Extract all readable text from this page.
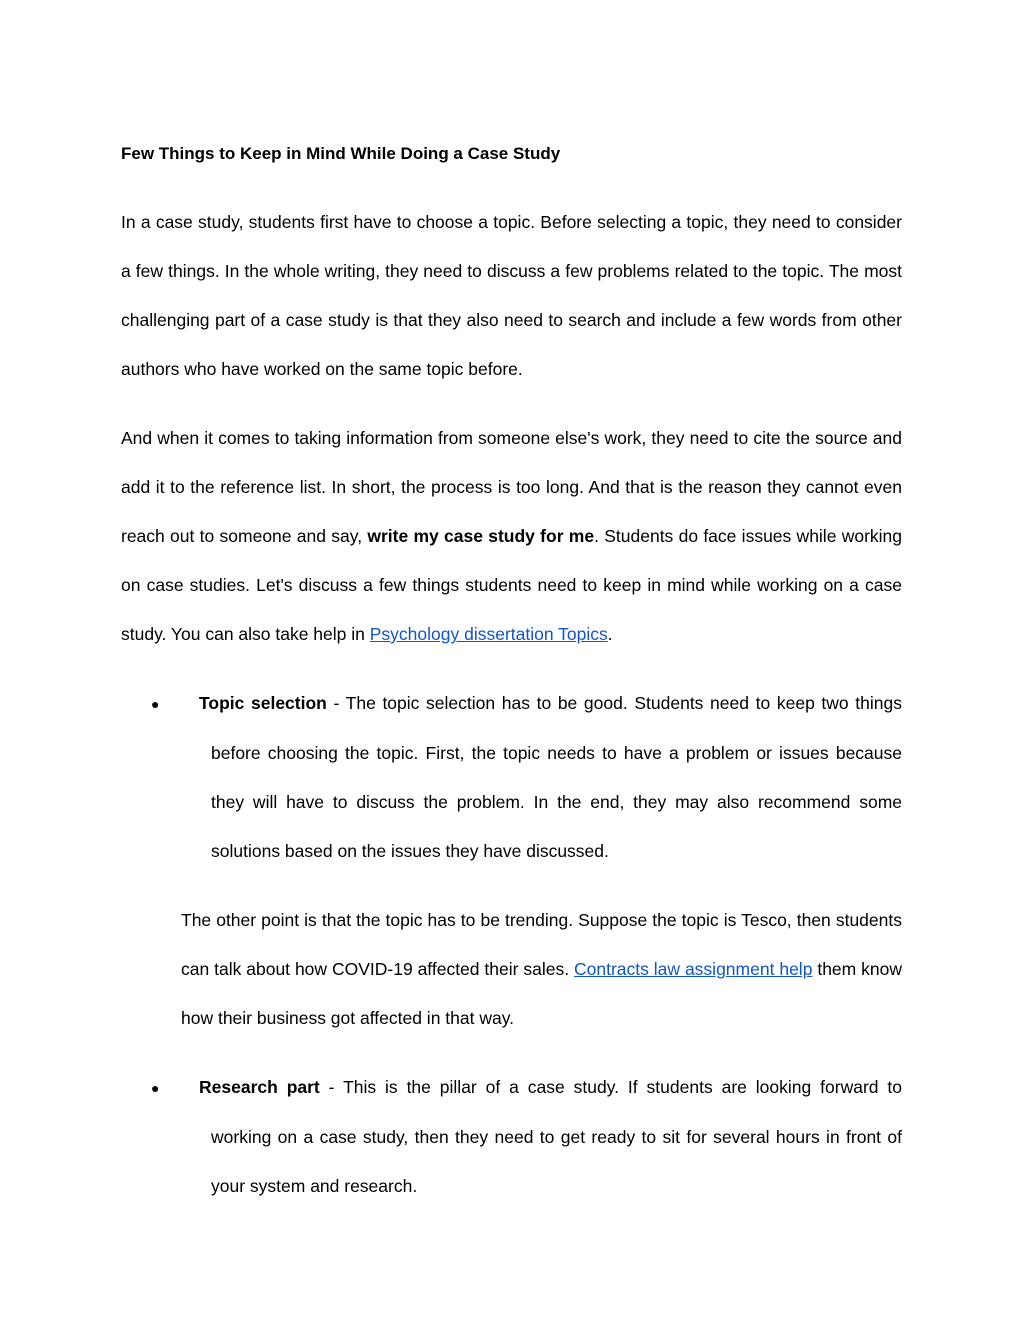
Few Things to Keep in Mind While Doing a Case Study

In a case study, students first have to choose a topic. Before selecting a topic, they need to consider a few things. In the whole writing, they need to discuss a few problems related to the topic. The most challenging part of a case study is that they also need to search and include a few words from other authors who have worked on the same topic before.

And when it comes to taking information from someone else's work, they need to cite the source and add it to the reference list. In short, the process is too long. And that is the reason they cannot even reach out to someone and say, write my case study for me. Students do face issues while working on case studies. Let's discuss a few things students need to keep in mind while working on a case study. You can also take help in Psychology dissertation Topics.

● Topic selection - The topic selection has to be good. Students need to keep two things before choosing the topic. First, the topic needs to have a problem or issues because they will have to discuss the problem. In the end, they may also recommend some solutions based on the issues they have discussed.

The other point is that the topic has to be trending. Suppose the topic is Tesco, then students can talk about how COVID-19 affected their sales. Contracts law assignment help them know how their business got affected in that way.

● Research part - This is the pillar of a case study. If students are looking forward to working on a case study, then they need to get ready to sit for several hours in front of your system and research.
